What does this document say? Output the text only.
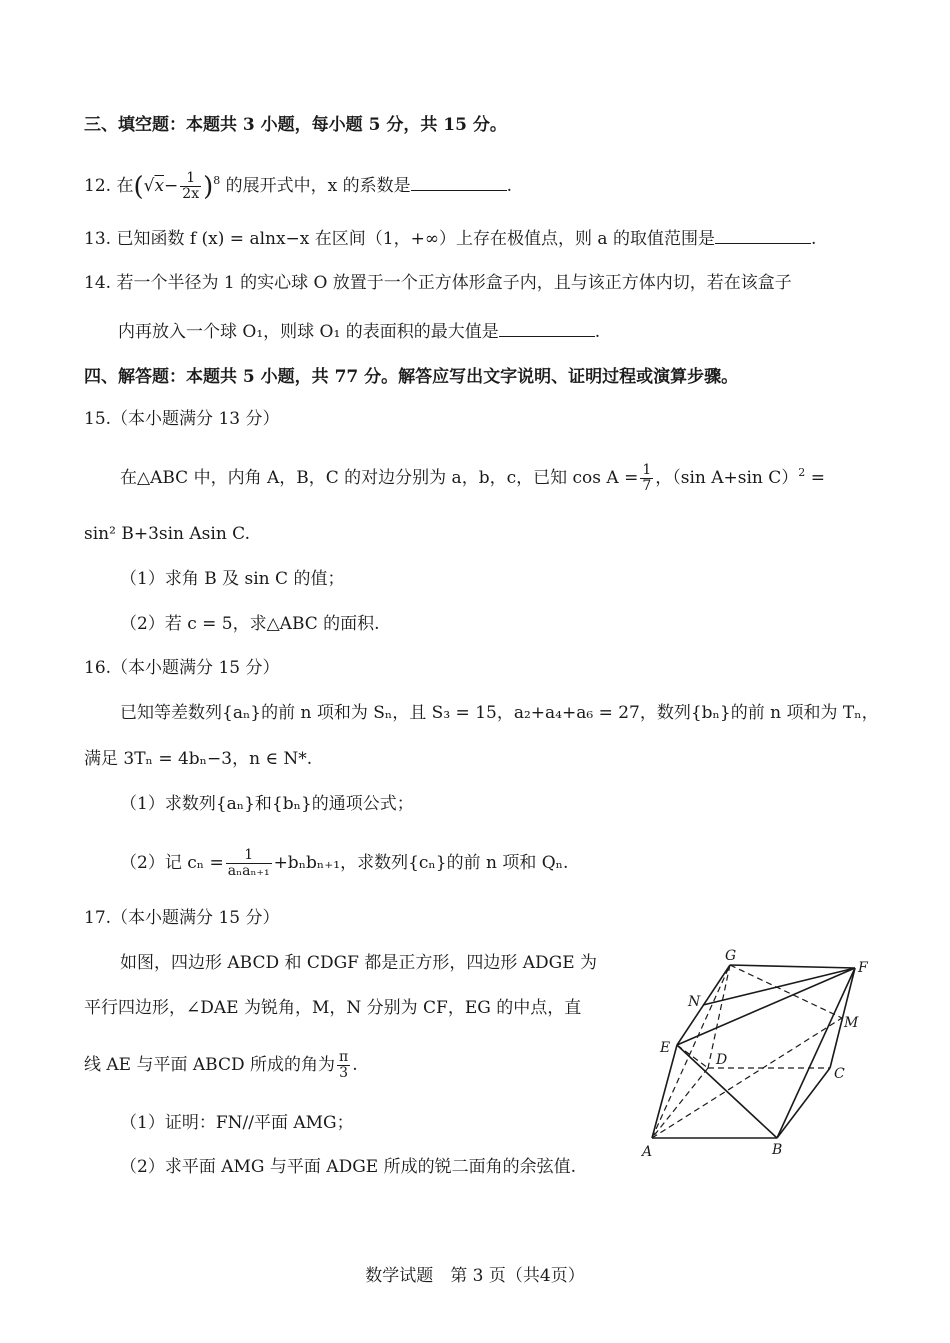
三、填空题：本题共 3 小题，每小题 5 分，共 15 分。
12. 在$(√x- \frac{1}{2x} )^8$ 的展开式中，x 的系数是	.
13. 已知函数 f (x) = alnx−x 在区间（1，+∞）上存在极值点，则 a 的取值范围是	.
14. 若一个半径为 1 的实心球 O 放置于一个正方体形盒子内，且与该正方体内切，若在该盒子
内再放入一个球 O₁，则球 O₁ 的表面积的最大值是	.
四、解答题：本题共 5 小题，共 77 分。解答应写出文字说明、证明过程或演算步骤。
15.（本小题满分 13 分）
在△ABC 中，内角 A，B，C 的对边分别为 a，b，c，已知 $\cos A = \frac{1}{7}$ ，（sin A+sin C）$^2$ =
sin² B+3sin Asin C.
（1）求角 B 及 sin C 的值；
（2）若 c = 5，求△ABC 的面积.
16.（本小题满分 15 分）
已知等差数列{aₙ}的前 n 项和为 Sₙ，且 S₃ = 15，a₂+a₄+a₆ = 27，数列{bₙ}的前 n 项和为 Tₙ，
满足 3Tₙ = 4bₙ−3，n ∈ N*.
（1）求数列{aₙ}和{bₙ}的通项公式；
（2）记 $c_n = \frac{1}{\text{aₙaₙ₊₁}} +b_nb_{n+1}$，求数列{cₙ}的前 n 项和 Qₙ.
17.（本小题满分 15 分）
如图，四边形 ABCD 和 CDGF 都是正方形，四边形 ADGE 为
平行四边形，∠DAE 为锐角，M，N 分别为 CF，EG 的中点，直
线 AE 与平面 ABCD 所成的角为 $\frac{\pi}{3}$ .
（1）证明：FN//平面 AMG；
（2）求平面 AMG 与平面 ADGE 所成的锐二面角的余弦值.
G
F
N
M
E
D
C
A	B
数学试题　第 3 页（共4页）
